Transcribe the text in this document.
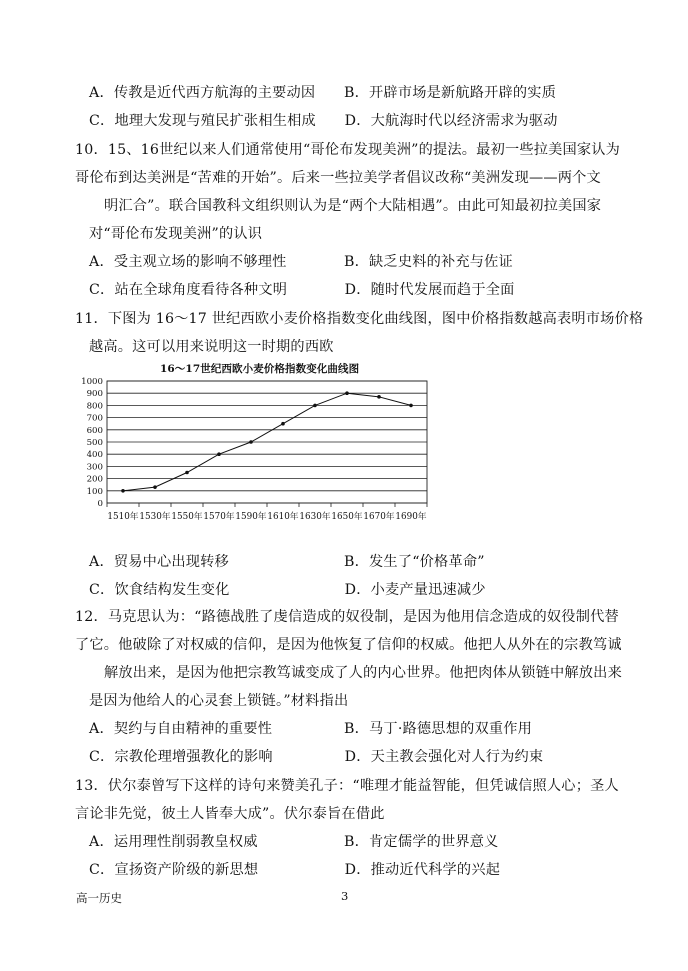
A．传教是近代西方航海的主要动因　　B．开辟市场是新航路开辟的实质
C．地理大发现与殖民扩张相生相成　　D．大航海时代以经济需求为驱动
10．15、16世纪以来人们通常使用“哥伦布发现美洲”的提法。最初一些拉美国家认为
哥伦布到达美洲是“苦难的开始”。后来一些拉美学者倡议改称“美洲发现——两个文
明汇合”。联合国教科文组织则认为是“两个大陆相遇”。由此可知最初拉美国家
对“哥伦布发现美洲”的认识
A．受主观立场的影响不够理性　　　　B．缺乏史料的补充与佐证
C．站在全球角度看待各种文明　　　　D．随时代发展而趋于全面
11．下图为 16～17 世纪西欧小麦价格指数变化曲线图，图中价格指数越高表明市场价格
越高。这可以用来说明这一时期的西欧
16～17世纪西欧小麦价格指数变化曲线图
0
100
200
300
400
500
600
700
800
900
1000
1510年 1530年 1550年 1570年 1590年 1610年 1630年 1650年 1670年 1690年
A．贸易中心出现转移　　　　　　　　B．发生了“价格革命”
C．饮食结构发生变化　　　　　　　　D．小麦产量迅速减少
12．马克思认为：“路德战胜了虔信造成的奴役制，是因为他用信念造成的奴役制代替
了它。他破除了对权威的信仰，是因为他恢复了信仰的权威。他把人从外在的宗教笃诚
解放出来，是因为他把宗教笃诚变成了人的内心世界。他把肉体从锁链中解放出来
是因为他给人的心灵套上锁链。”材料指出
A．契约与自由精神的重要性　　　　　B．马丁·路德思想的双重作用
C．宗教伦理增强教化的影响　　　　　D．天主教会强化对人行为约束
13．伏尔泰曾写下这样的诗句来赞美孔子：“唯理才能益智能，但凭诚信照人心；圣人
言论非先觉，彼土人皆奉大成”。伏尔泰旨在借此
A．运用理性削弱教皇权威　　　　　　B．肯定儒学的世界意义
C．宣扬资产阶级的新思想　　　　　　D．推动近代科学的兴起
高一历史	3
